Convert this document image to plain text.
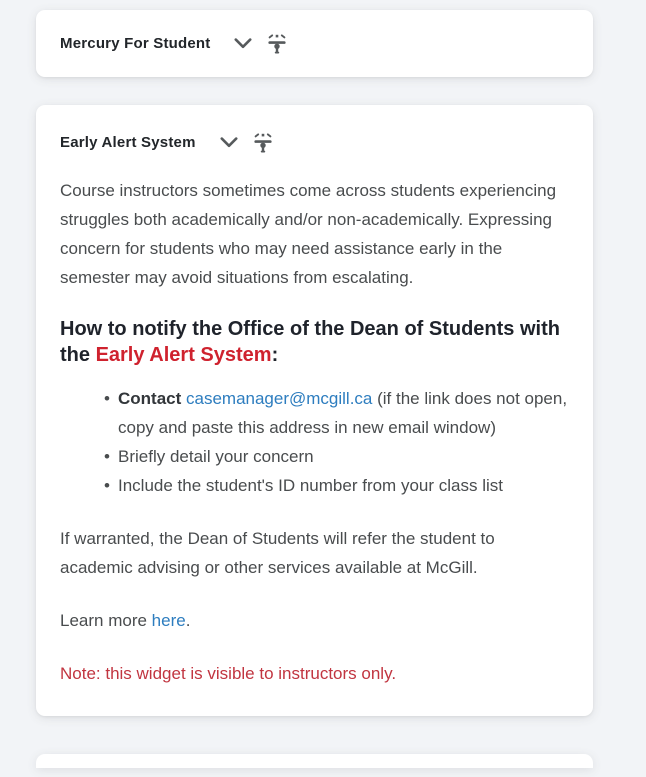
Mercury For Student
Early Alert System

Course instructors sometimes come across students experiencing struggles both academically and/or non-academically. Expressing concern for students who may need assistance early in the semester may avoid situations from escalating.

How to notify the Office of the Dean of Students with the Early Alert System:
• Contact casemanager@mcgill.ca (if the link does not open, copy and paste this address in new email window)
• Briefly detail your concern
• Include the student's ID number from your class list

If warranted, the Dean of Students will refer the student to academic advising or other services available at McGill.

Learn more here.

Note: this widget is visible to instructors only.
